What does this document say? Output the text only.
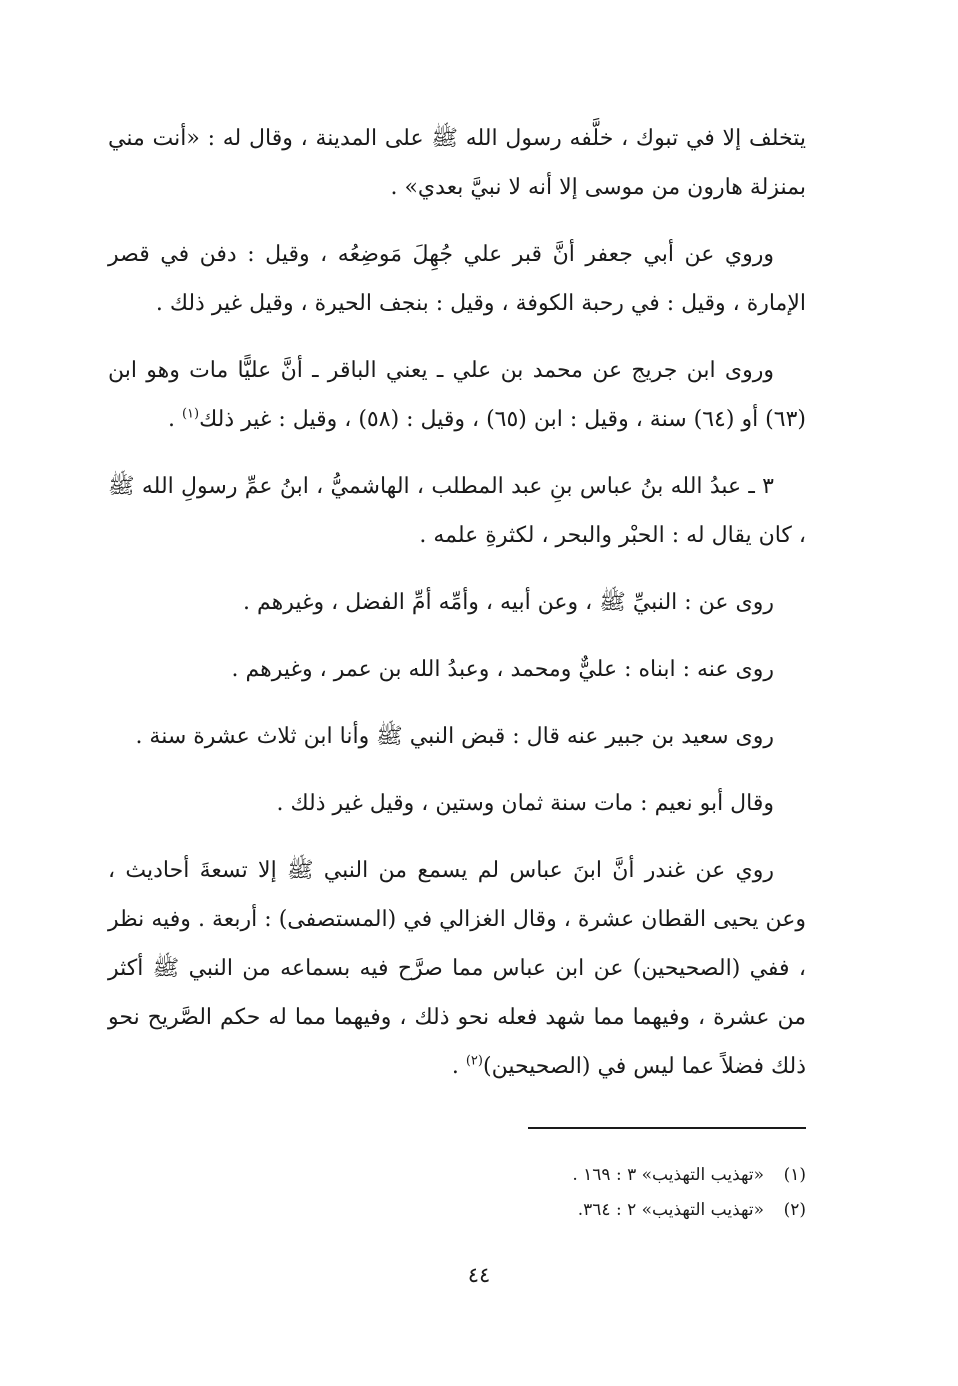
يتخلف إلا في تبوك ، خلَّفه رسول الله ﷺ على المدينة ، وقال له : «أنت مني بمنزلة هارون من موسى إلا أنه لا نبيَّ بعدي» .

وروي عن أبي جعفر أنَّ قبر علي جُهِلَ مَوضِعُه ، وقيل : دفن في قصر الإمارة ، وقيل : في رحبة الكوفة ، وقيل : بنجف الحيرة ، وقيل غير ذلك .

وروى ابن جريج عن محمد بن علي ـ يعني الباقر ـ أنَّ عليًّا مات وهو ابن (٦٣) أو (٦٤) سنة ، وقيل : ابن (٦٥) ، وقيل : (٥٨) ، وقيل : غير ذلك$^{(١)}$ .

٣ ـ عبدُ الله بنُ عباس بنِ عبد المطلب ، الهاشميُّ ، ابنُ عمِّ رسولِ الله ﷺ ، كان يقال له : الحبْر والبحر ، لكثرةِ علمه .

روى عن : النبيِّ ﷺ ، وعن أبيه ، وأمِّه أمِّ الفضل ، وغيرهم .

روى عنه : ابناه : عليٌّ ومحمد ، وعبدُ الله بن عمر ، وغيرهم .

روى سعيد بن جبير عنه قال : قبض النبي ﷺ وأنا ابن ثلاث عشرة سنة .

وقال أبو نعيم : مات سنة ثمان وستين ، وقيل غير ذلك .

روي عن غندر أنَّ ابنَ عباس لم يسمع من النبي ﷺ إلا تسعةَ أحاديث ، وعن يحيى القطان عشرة ، وقال الغزالي في (المستصفى) : أربعة . وفيه نظر ، ففي (الصحيحين) عن ابن عباس مما صرَّح فيه بسماعه من النبي ﷺ أكثر من عشرة ، وفيهما مما شهد فعله نحو ذلك ، وفيهما مما له حكم الصَّريح نحو ذلك فضلاً عما ليس في (الصحيحين)$^{(٢)}$ .

(١)«تهذيب التهذيب» ٣ : ١٦٩ .

(٢)«تهذيب التهذيب» ٢ : ٣٦٤.

٤٤
